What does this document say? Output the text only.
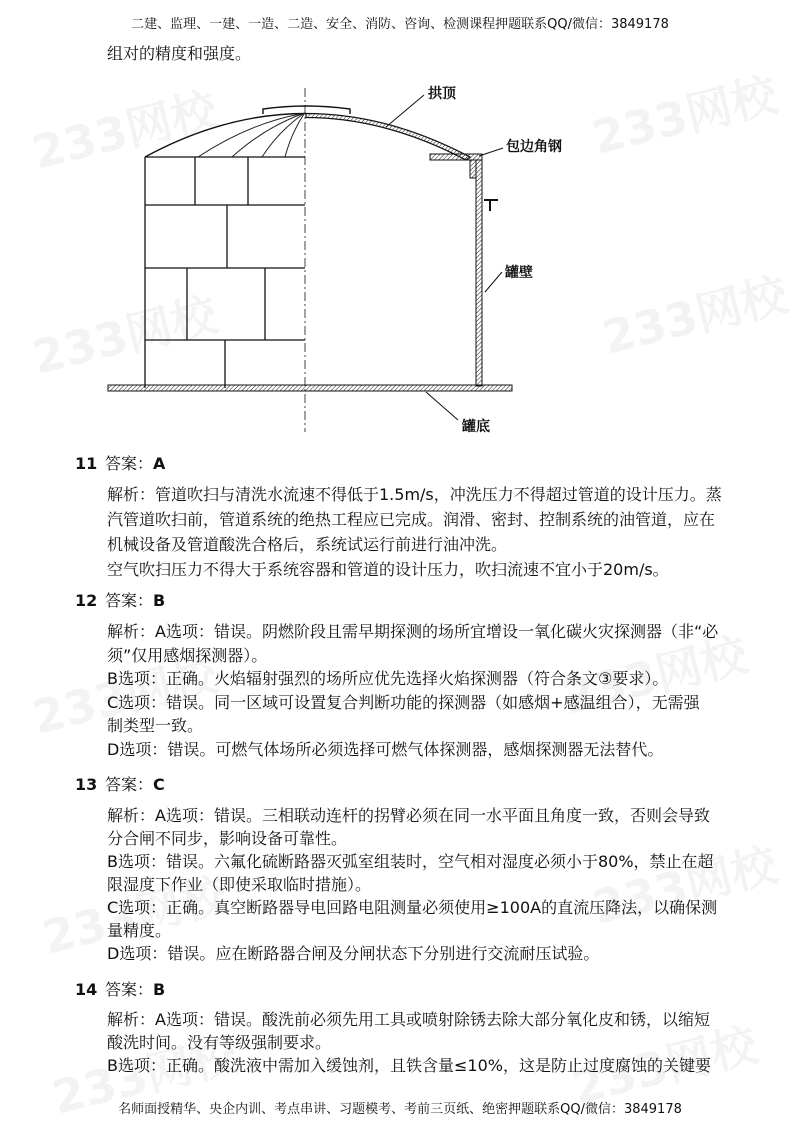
二建、监理、一建、一造、二造、安全、消防、咨询、检测课程押题联系QQ/微信：3849178
组对的精度和强度。
拱顶
包边角钢
罐壁
罐底
11 答案：A
解析：管道吹扫与清洗水流速不得低于1.5m/s，冲洗压力不得超过管道的设计压力。蒸
汽管道吹扫前，管道系统的绝热工程应已完成。润滑、密封、控制系统的油管道，应在
机械设备及管道酸洗合格后，系统试运行前进行油冲洗。
空气吹扫压力不得大于系统容器和管道的设计压力，吹扫流速不宜小于20m/s。
12 答案：B
解析：A选项：错误。阴燃阶段且需早期探测的场所宜增设一氧化碳火灾探测器（非“必
须”仅用感烟探测器）。
B选项：正确。火焰辐射强烈的场所应优先选择火焰探测器（符合条文③要求）。
C选项：错误。同一区域可设置复合判断功能的探测器（如感烟+感温组合），无需强
制类型一致。
D选项：错误。可燃气体场所必须选择可燃气体探测器，感烟探测器无法替代。
13 答案：C
解析：A选项：错误。三相联动连杆的拐臂必须在同一水平面且角度一致，否则会导致
分合闸不同步，影响设备可靠性。
B选项：错误。六氟化硫断路器灭弧室组装时，空气相对湿度必须小于80%，禁止在超
限湿度下作业（即使采取临时措施）。
C选项：正确。真空断路器导电回路电阻测量必须使用≥100A的直流压降法，以确保测
量精度。
D选项：错误。应在断路器合闸及分闸状态下分别进行交流耐压试验。
14 答案：B
解析：A选项：错误。酸洗前必须先用工具或喷射除锈去除大部分氧化皮和锈，以缩短
酸洗时间。没有等级强制要求。
B选项：正确。酸洗液中需加入缓蚀剂，且铁含量≤10%，这是防止过度腐蚀的关键要
名师面授精华、央企内训、考点串讲、习题模考、考前三页纸、绝密押题联系QQ/微信：3849178
